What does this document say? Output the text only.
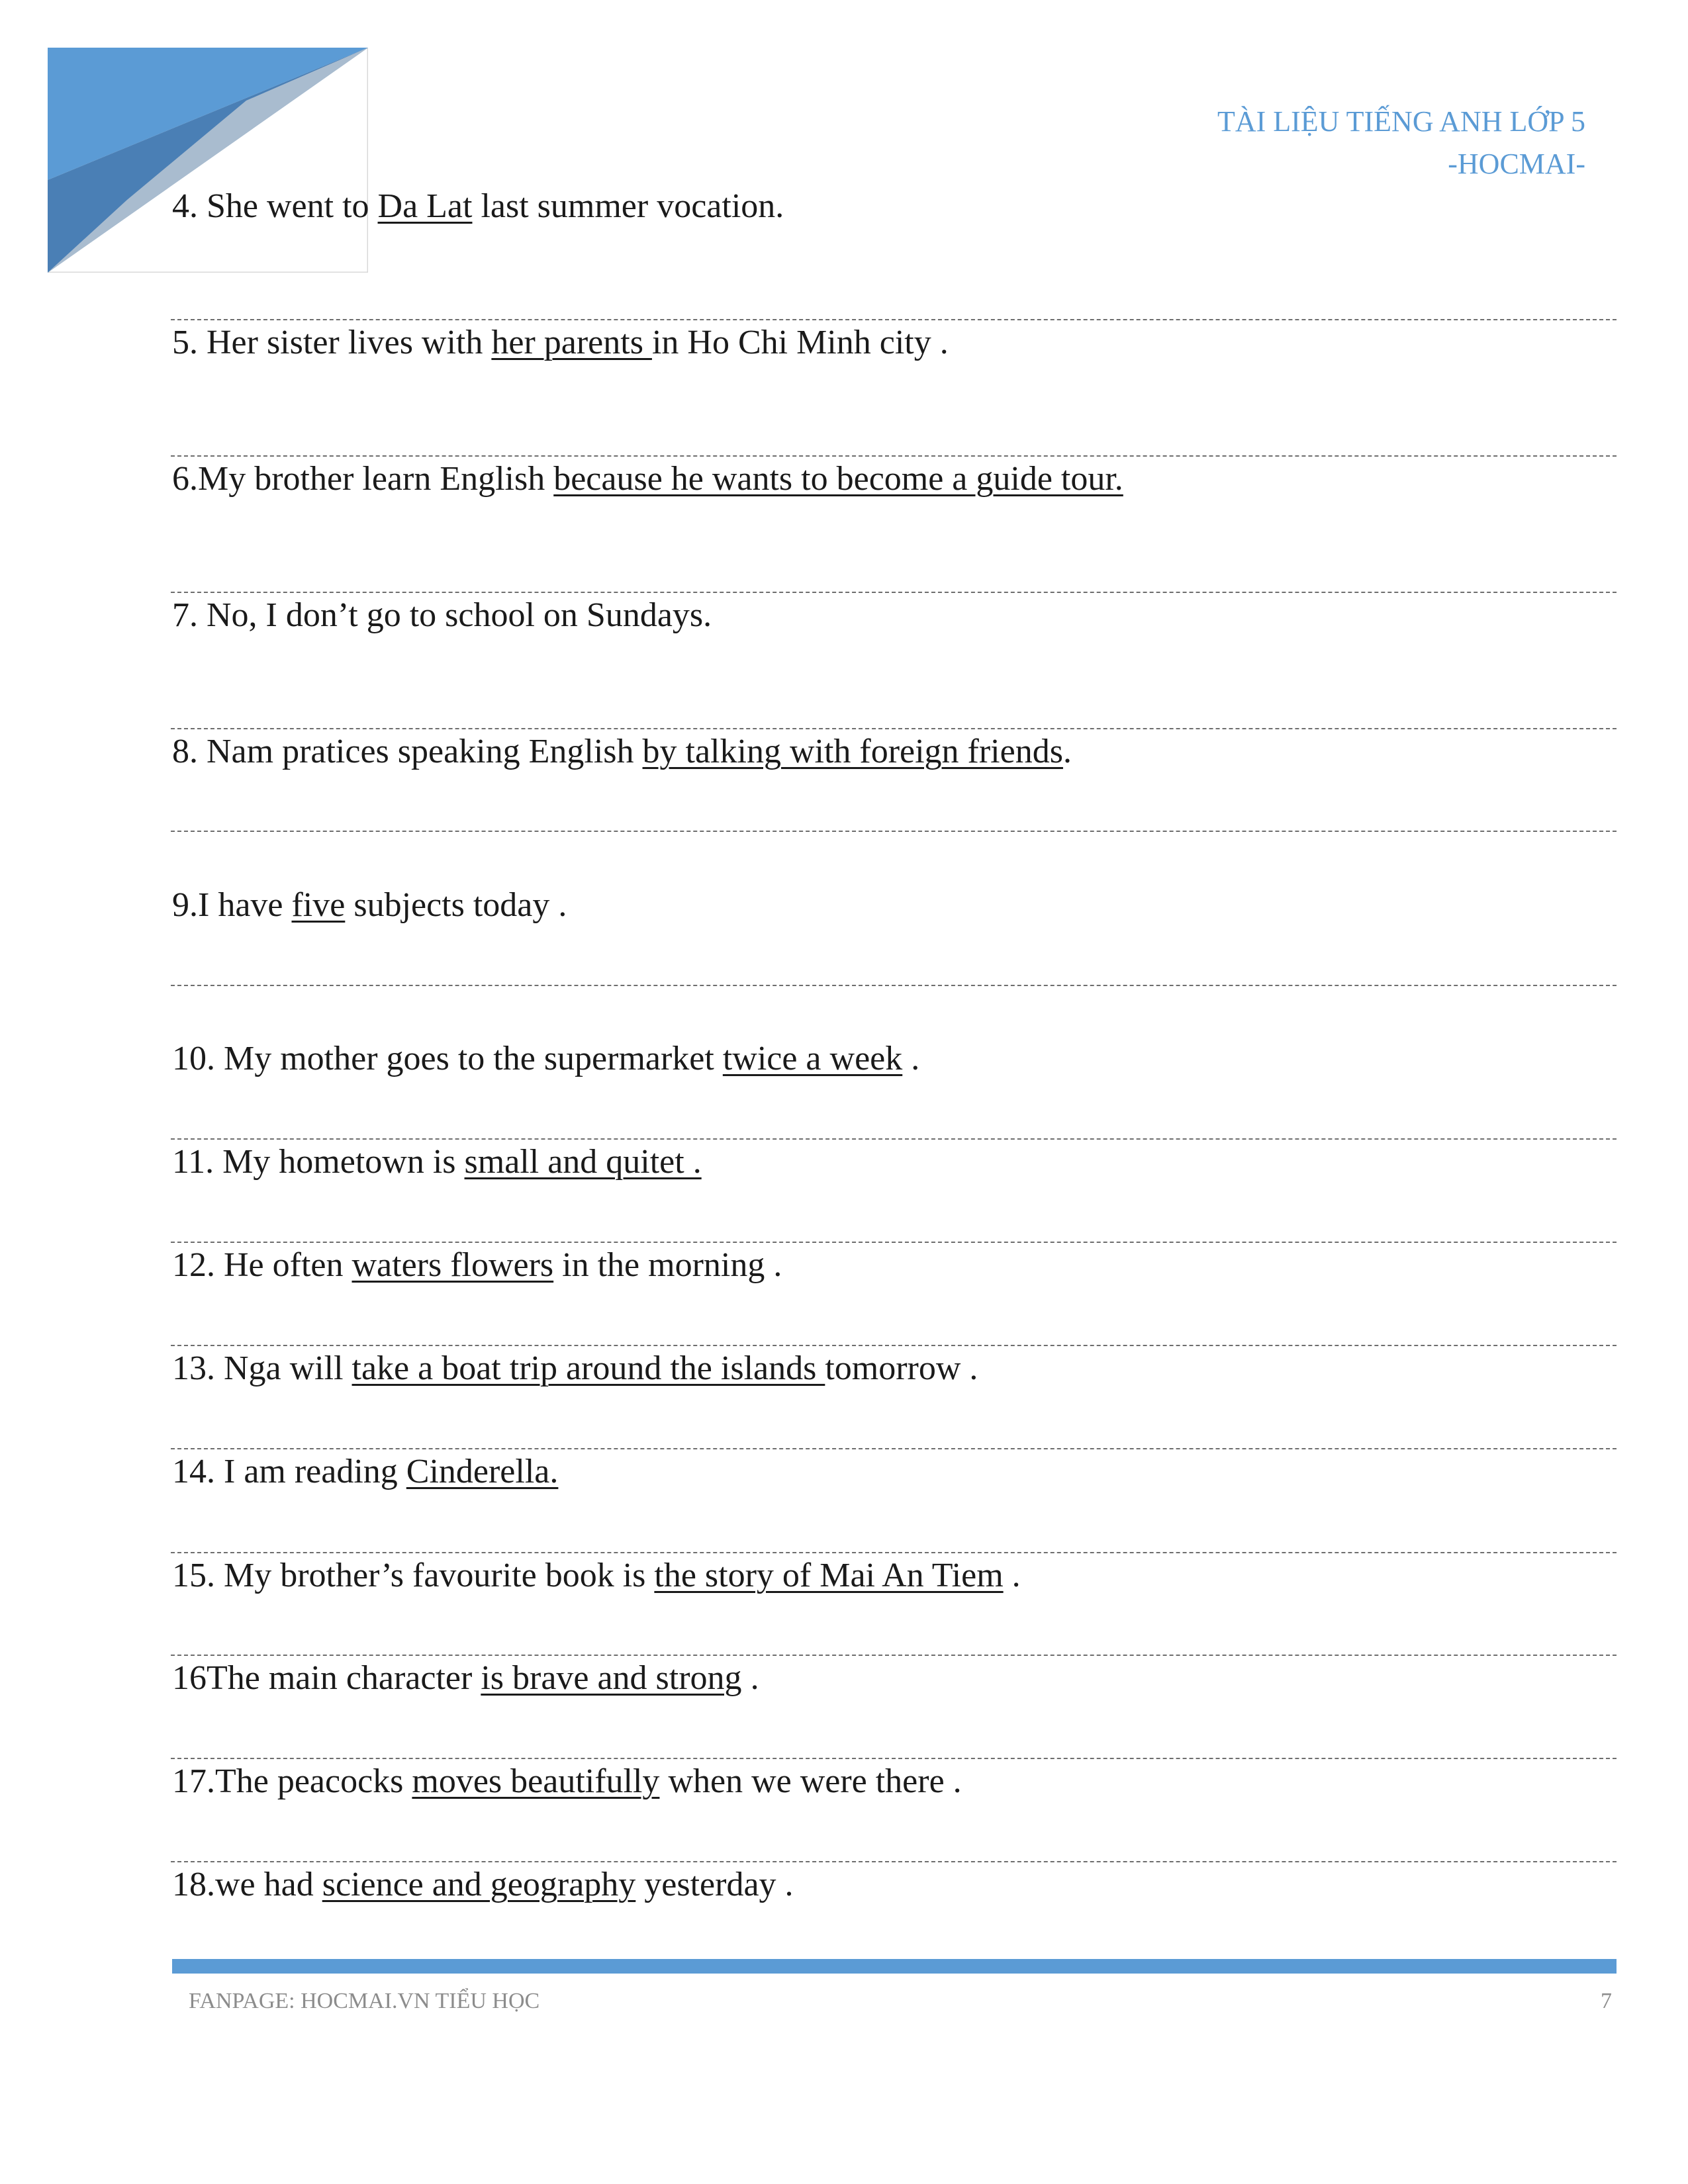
TÀI LIỆU TIẾNG ANH LỚP 5
-HOCMAI-
4. She went to Da Lat last summer vocation.
5. Her sister lives with her parents in Ho Chi Minh city .
6.My brother learn English because he wants to become a guide tour.
7. No, I don’t go to school on Sundays.
8. Nam pratices speaking English by talking with foreign friends.
9.I have five subjects today .
10. My mother goes to the supermarket twice a week .
11. My hometown is small and quitet .
12. He often waters flowers in the morning .
13. Nga will take a boat trip around the islands tomorrow .
14. I am reading Cinderella.
15. My brother’s favourite book is the story of Mai An Tiem .
16The main character is brave and strong .
17.The peacocks moves beautifully when we were there .
18.we had science and geography yesterday .
FANPAGE: HOCMAI.VN TIỂU HỌC	7
